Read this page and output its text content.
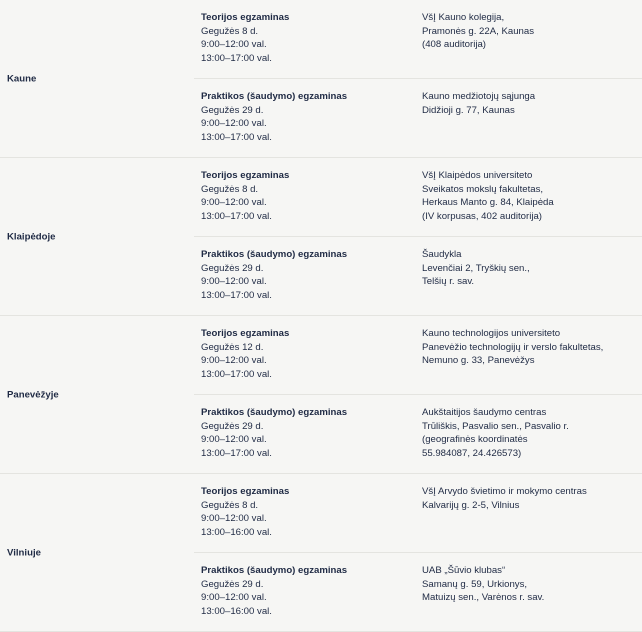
Kaune
Teorijos egzaminas
Gegužės 8 d.
9:00–12:00 val.
13:00–17:00 val.
VšĮ Kauno kolegija,
Pramonės g. 22A, Kaunas
(408 auditorija)
Praktikos (šaudymo) egzaminas
Gegužės 29 d.
9:00–12:00 val.
13:00–17:00 val.
Kauno medžiotojų sąjunga
Didžioji g. 77, Kaunas
Klaipėdoje
Teorijos egzaminas
Gegužės 8 d.
9:00–12:00 val.
13:00–17:00 val.
VšĮ Klaipėdos universiteto
Sveikatos mokslų fakultetas,
Herkaus Manto g. 84, Klaipėda
(IV korpusas, 402 auditorija)
Praktikos (šaudymo) egzaminas
Gegužės 29 d.
9:00–12:00 val.
13:00–17:00 val.
Šaudykla
Levenčiai 2, Tryškių sen.,
Telšių r. sav.
Panevėžyje
Teorijos egzaminas
Gegužės 12 d.
9:00–12:00 val.
13:00–17:00 val.
Kauno technologijos universiteto
Panevėžio technologijų ir verslo fakultetas,
Nemuno g. 33, Panevėžys
Praktikos (šaudymo) egzaminas
Gegužės 29 d.
9:00–12:00 val.
13:00–17:00 val.
Aukštaitijos šaudymo centras
Trūliškis, Pasvalio sen., Pasvalio r.
(geografinės koordinatės
55.984087, 24.426573)
Vilniuje
Teorijos egzaminas
Gegužės 8 d.
9:00–12:00 val.
13:00–16:00 val.
VšĮ Arvydo švietimo ir mokymo centras
Kalvarijų g. 2-5, Vilnius
Praktikos (šaudymo) egzaminas
Gegužės 29 d.
9:00–12:00 val.
13:00–16:00 val.
UAB „Šūvio klubas“
Samanų g. 59, Urkionys,
Matuizų sen., Varėnos r. sav.
